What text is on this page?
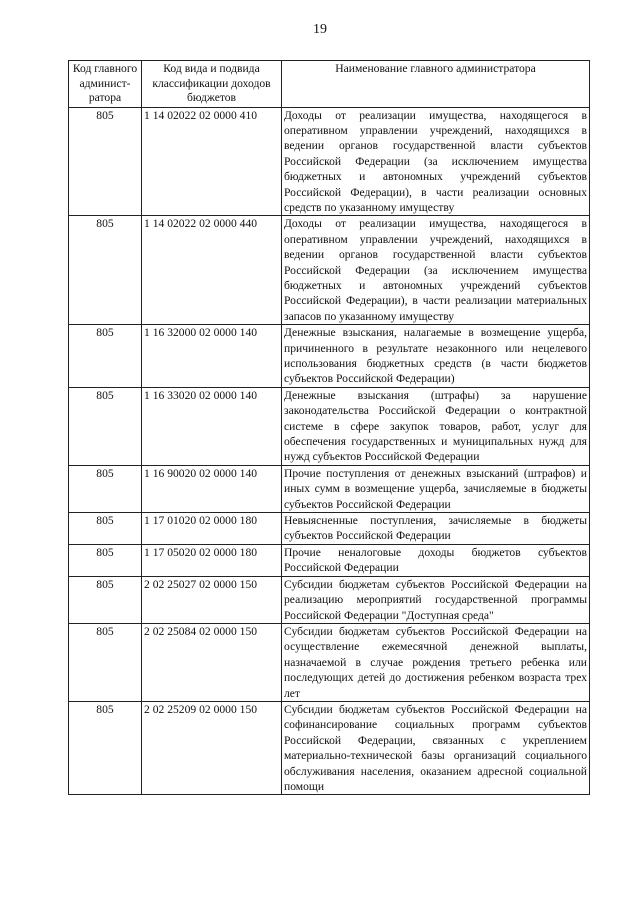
19
Код главного админист-ратора	Код вида и подвида классификации доходов бюджетов	Наименование главного администратора
805	1 14 02022 02 0000 410	Доходы от реализации имущества, находящегося в оперативном управлении учреждений, находящихся в ведении органов государственной власти субъектов Российской Федерации (за исключением имущества бюджетных и автономных учреждений субъектов Российской Федерации), в части реализации основных средств по указанному имуществу
805	1 14 02022 02 0000 440	Доходы от реализации имущества, находящегося в оперативном управлении учреждений, находящихся в ведении органов государственной власти субъектов Российской Федерации (за исключением имущества бюджетных и автономных учреждений субъектов Российской Федерации), в части реализации материальных запасов по указанному имуществу
805	1 16 32000 02 0000 140	Денежные взыскания, налагаемые в возмещение ущерба, причиненного в результате незаконного или нецелевого использования бюджетных средств (в части бюджетов субъектов Российской Федерации)
805	1 16 33020 02 0000 140	Денежные взыскания (штрафы) за нарушение законодательства Российской Федерации о контрактной системе в сфере закупок товаров, работ, услуг для обеспечения государственных и муниципальных нужд для нужд субъектов Российской Федерации
805	1 16 90020 02 0000 140	Прочие поступления от денежных взысканий (штрафов) и иных сумм в возмещение ущерба, зачисляемые в бюджеты субъектов Российской Федерации
805	1 17 01020 02 0000 180	Невыясненные поступления, зачисляемые в бюджеты субъектов Российской Федерации
805	1 17 05020 02 0000 180	Прочие неналоговые доходы бюджетов субъектов Российской Федерации
805	2 02 25027 02 0000 150	Субсидии бюджетам субъектов Российской Федерации на реализацию мероприятий государственной программы Российской Федерации "Доступная среда"
805	2 02 25084 02 0000 150	Субсидии бюджетам субъектов Российской Федерации на осуществление ежемесячной денежной выплаты, назначаемой в случае рождения третьего ребенка или последующих детей до достижения ребенком возраста трех лет
805	2 02 25209 02 0000 150	Субсидии бюджетам субъектов Российской Федерации на софинансирование социальных программ субъектов Российской Федерации, связанных с укреплением материально-технической базы организаций социального обслуживания населения, оказанием адресной социальной помощи
